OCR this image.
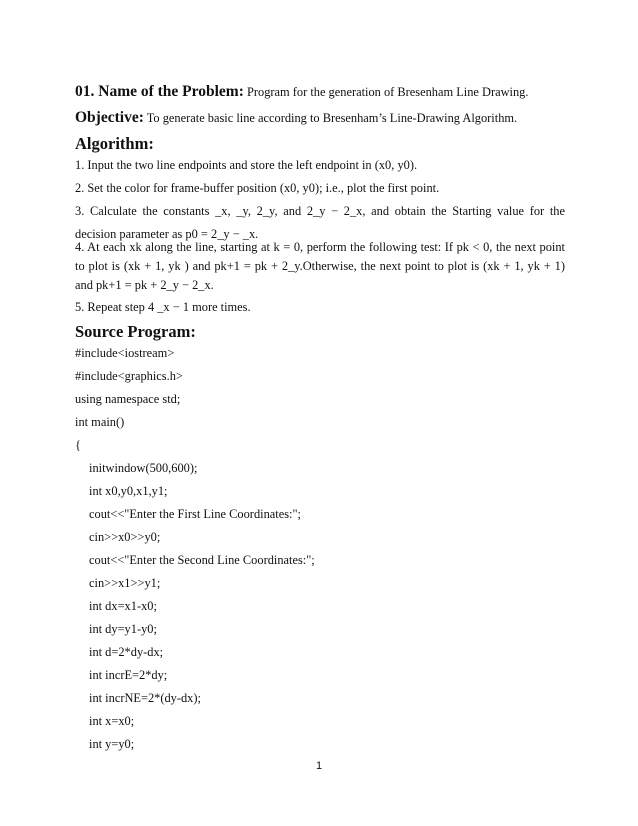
01. Name of the Problem: Program for the generation of Bresenham Line Drawing.
Objective: To generate basic line according to Bresenham’s Line-Drawing Algorithm.
Algorithm:
1. Input the two line endpoints and store the left endpoint in (x0, y0).
2. Set the color for frame-buffer position (x0, y0); i.e., plot the first point.
3. Calculate the constants _x, _y, 2_y, and 2_y − 2_x, and obtain the Starting value for the decision parameter as p0 = 2_y − _x.
4. At each xk along the line, starting at k = 0, perform the following test: If pk < 0, the next point to plot is (xk + 1, yk ) and pk+1 = pk + 2_y.Otherwise, the next point to plot is (xk + 1, yk + 1) and pk+1 = pk + 2_y − 2_x.
5. Repeat step 4 _x − 1 more times.
Source Program:
#include<iostream>
#include<graphics.h>
using namespace std;
int main()
{
initwindow(500,600);
int x0,y0,x1,y1;
cout<<"Enter the First Line Coordinates:";
cin>>x0>>y0;
cout<<"Enter the Second Line Coordinates:";
cin>>x1>>y1;
int dx=x1-x0;
int dy=y1-y0;
int d=2*dy-dx;
int incrE=2*dy;
int incrNE=2*(dy-dx);
int x=x0;
int y=y0;
1
